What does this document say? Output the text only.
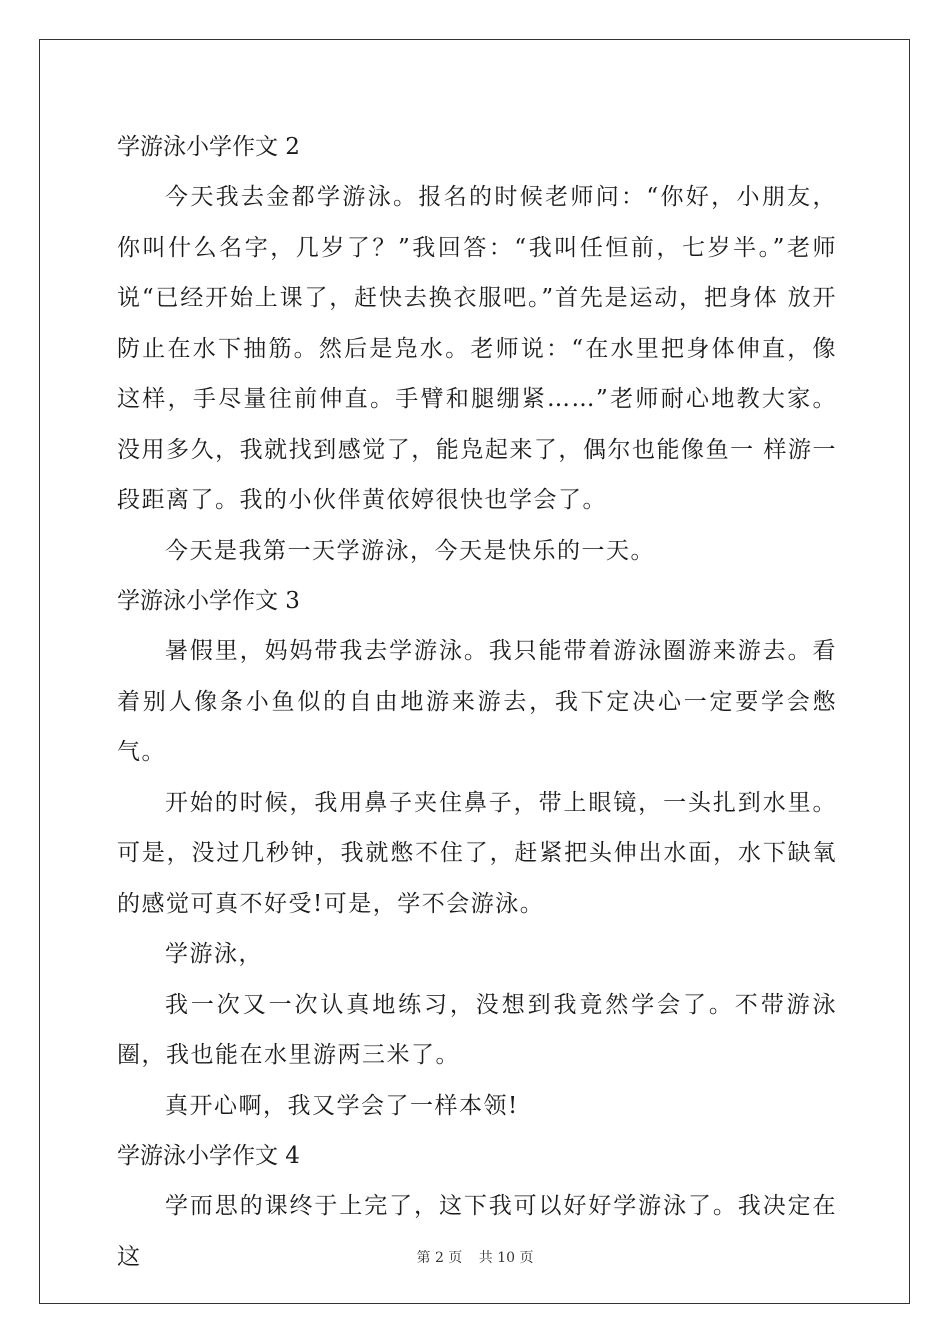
学游泳小学作文 2

今天我去金都学游泳。报名的时候老师问：“你好，小朋友，你叫什么名字，几岁了？”我回答：“我叫任恒前，七岁半。”老师说“已经开始上课了，赶快去换衣服吧。”首先是运动，把身体 放开防止在水下抽筋。然后是凫水。老师说：“在水里把身体伸直，像这样，手尽量往前伸直。手臂和腿绷紧……”老师耐心地教大家。没用多久，我就找到感觉了，能凫起来了，偶尔也能像鱼一 样游一段距离了。我的小伙伴黄依婷很快也学会了。

今天是我第一天学游泳，今天是快乐的一天。

学游泳小学作文 3

暑假里，妈妈带我去学游泳。我只能带着游泳圈游来游去。看着别人像条小鱼似的自由地游来游去，我下定决心一定要学会憋气。

开始的时候，我用鼻子夹住鼻子，带上眼镜，一头扎到水里。可是，没过几秒钟，我就憋不住了，赶紧把头伸出水面，水下缺氧的感觉可真不好受!可是，学不会游泳。

学游泳，

我一次又一次认真地练习，没想到我竟然学会了。不带游泳圈，我也能在水里游两三米了。

真开心啊，我又学会了一样本领!

学游泳小学作文 4

学而思的课终于上完了，这下我可以好好学游泳了。我决定在这	第 2 页 共 10 页
